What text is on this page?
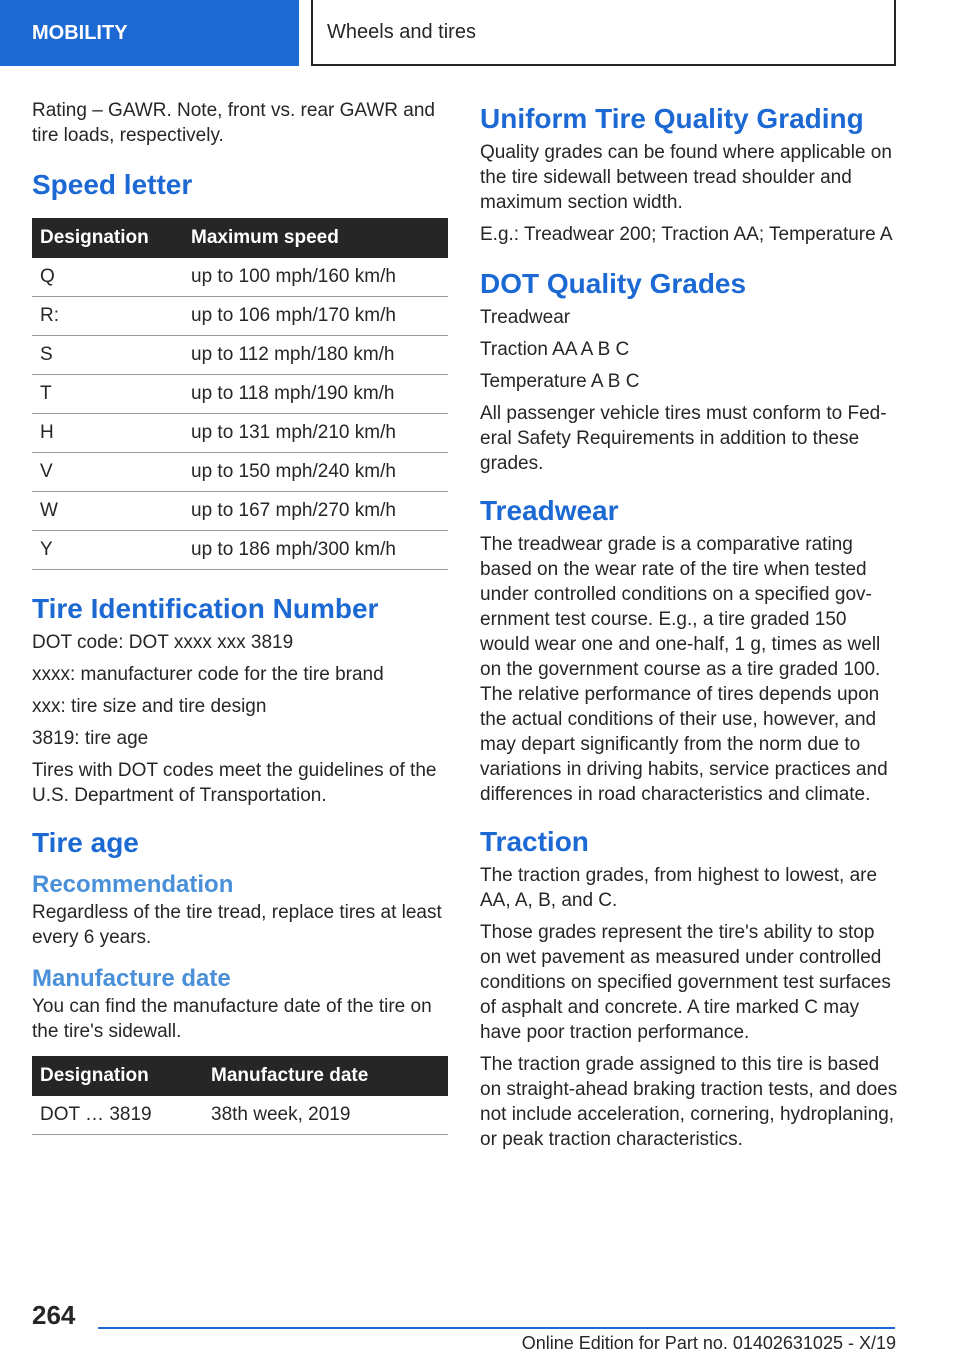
MOBILITY	Wheels and tires

Rating – GAWR. Note, front vs. rear GAWR and tire loads, respectively.

Speed letter
Designation	Maximum speed
Q	up to 100 mph/160 km/h
R:	up to 106 mph/170 km/h
S	up to 112 mph/180 km/h
T	up to 118 mph/190 km/h
H	up to 131 mph/210 km/h
V	up to 150 mph/240 km/h
W	up to 167 mph/270 km/h
Y	up to 186 mph/300 km/h
Tire Identification Number

DOT code: DOT xxxx xxx 3819

xxxx: manufacturer code for the tire brand

xxx: tire size and tire design

3819: tire age

Tires with DOT codes meet the guidelines of the U.S. Department of Transportation.

Tire age
Recommendation

Regardless of the tire tread, replace tires at least every 6 years.

Manufacture date

You can find the manufacture date of the tire on the tire's sidewall.

Designation	Manufacture date
DOT … 3819	38th week, 2019
Uniform Tire Quality Grading

Quality grades can be found where applicable on the tire sidewall between tread shoulder and maximum section width.

E.g.: Treadwear 200; Traction AA; Temperature A

DOT Quality Grades

Treadwear

Traction AA A B C

Temperature A B C

All passenger vehicle tires must conform to Federal Safety Requirements in addition to these grades.

Treadwear

The treadwear grade is a comparative rating based on the wear rate of the tire when tested under controlled conditions on a specified government test course. E.g., a tire graded 150 would wear one and one-half, 1 g, times as well on the government course as a tire graded 100. The relative performance of tires depends upon the actual conditions of their use, however, and may depart significantly from the norm due to variations in driving habits, service practices and differences in road characteristics and climate.

Traction

The traction grades, from highest to lowest, are AA, A, B, and C.

Those grades represent the tire's ability to stop on wet pavement as measured under controlled conditions on specified government test surfaces of asphalt and concrete. A tire marked C may have poor traction performance.

The traction grade assigned to this tire is based on straight-ahead braking traction tests, and does not include acceleration, cornering, hydroplaning, or peak traction characteristics.

264
Online Edition for Part no. 01402631025 - X/19
